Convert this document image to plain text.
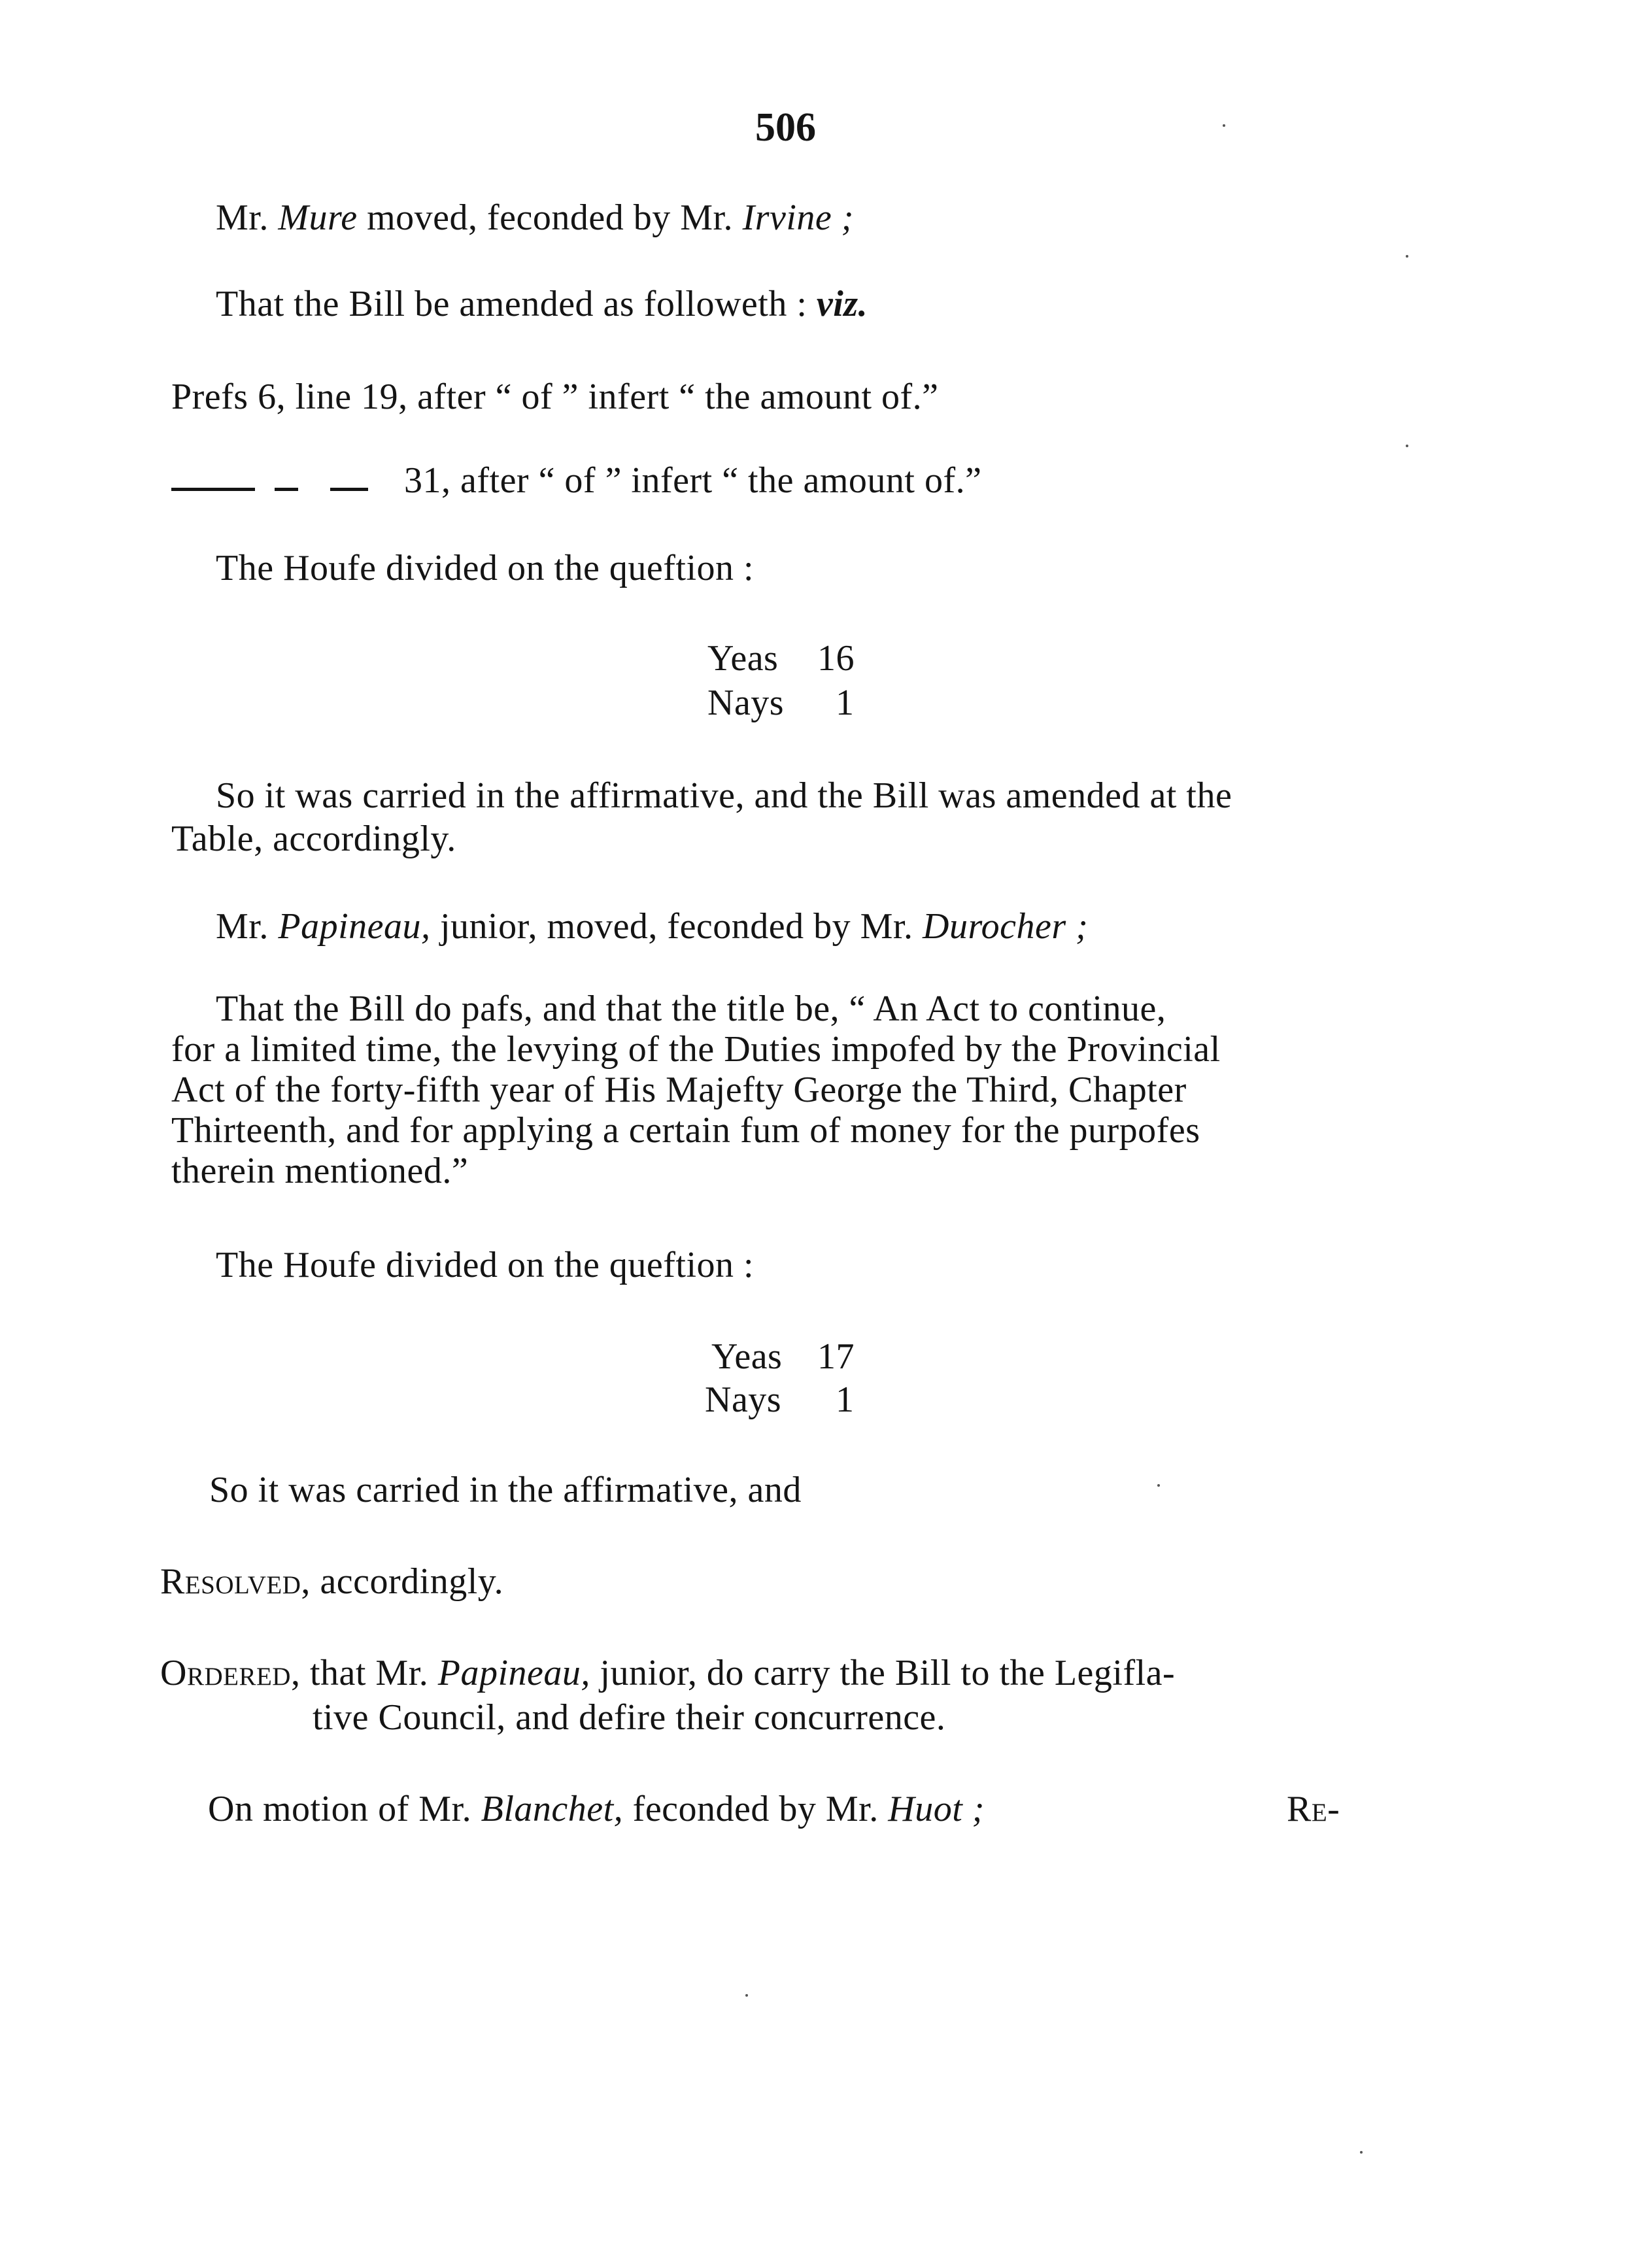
506
Mr. Mure moved, feconded by Mr. Irvine ;
That the Bill be amended as followeth : viz.
Prefs 6, line 19, after “ of ” infert “ the amount of.”
31, after “ of ” infert “ the amount of.”
The Houfe divided on the queftion :
Yeas 16
Nays 1
So it was carried in the affirmative, and the Bill was amended at the
Table, accordingly.
Mr. Papineau, junior, moved, feconded by Mr. Durocher ;
That the Bill do pafs, and that the title be, “ An Act to continue,
for a limited time, the levying of the Duties impofed by the Provincial
Act of the forty-fifth year of His Majefty George the Third, Chapter
Thirteenth, and for applying a certain fum of money for the purpofes
therein mentioned.”
The Houfe divided on the queftion :
Yeas 17
Nays 1
So it was carried in the affirmative, and
Resolved, accordingly.
Ordered, that Mr. Papineau, junior, do carry the Bill to the Legifla-
tive Council, and defire their concurrence.
On motion of Mr. Blanchet, feconded by Mr. Huot ;	Re-
